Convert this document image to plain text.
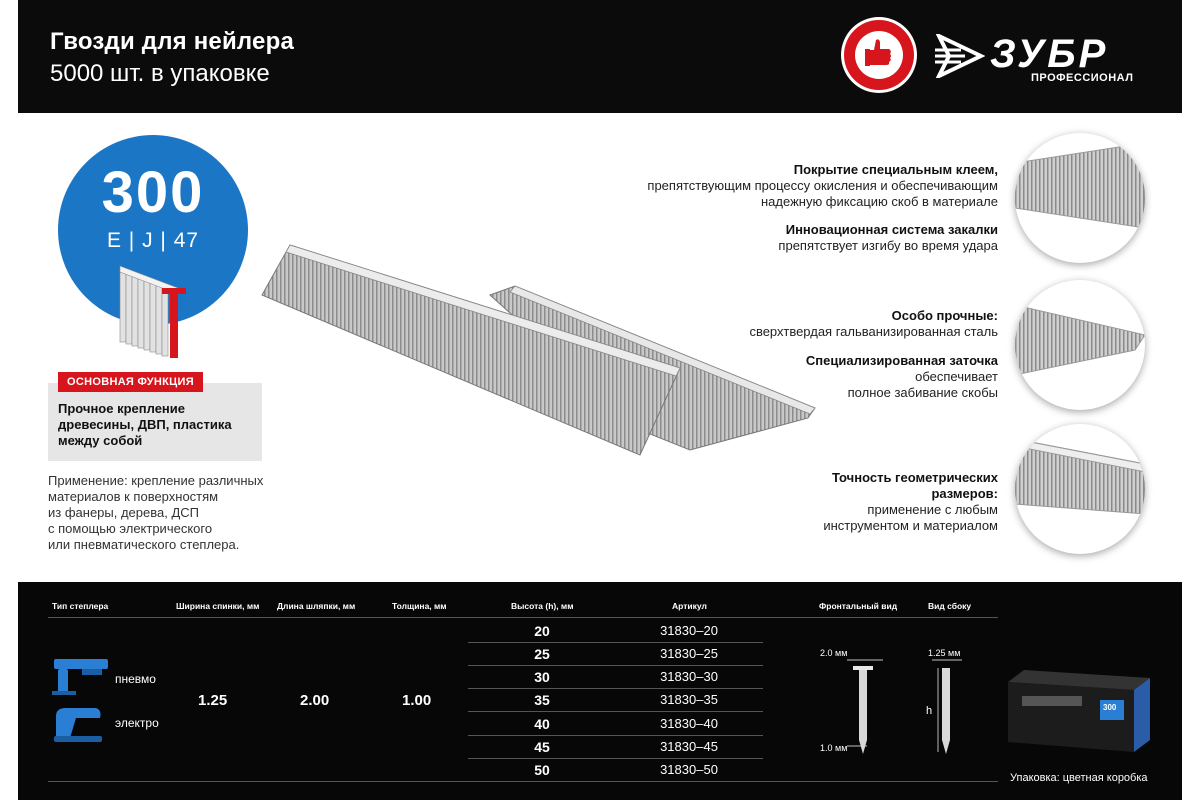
Гвозди для нейлера
5000 шт. в упаковке	ЗУБР
ПРОФЕССИОНАЛ
300
E | J | 47
ОСНОВНАЯ ФУНКЦИЯ
Прочное крепление древесины, ДВП, пластика между собой
Применение: крепление различных
материалов к поверхностям
из фанеры, дерева, ДСП
с помощью электрического
или пневматического степлера.
Покрытие специальным клеем,
препятствующим процессу окисления и обеспечивающим
надежную фиксацию скоб в материале
Инновационная система закалки
препятствует изгибу во время удара
Особо прочные:
сверхтвердая гальванизированная сталь
Специализированная заточка
обеспечивает
полное забивание скобы
Точность геометрических размеров:
применение с любым
инструментом и материалом
Тип степлера	Ширина спинки, мм Длина шляпки, мм	Толщина, мм	Высота (h), мм	Артикул	Фронтальный вид	Вид сбоку
пневмо
электро
1.25	2.00	1.00
20	31830–20
25	31830–25
30	31830–30
35	31830–35
40	31830–40
45	31830–45
50	31830–50
2.0 мм
1.0 мм
1.25 мм
h	300
Упаковка: цветная коробка
